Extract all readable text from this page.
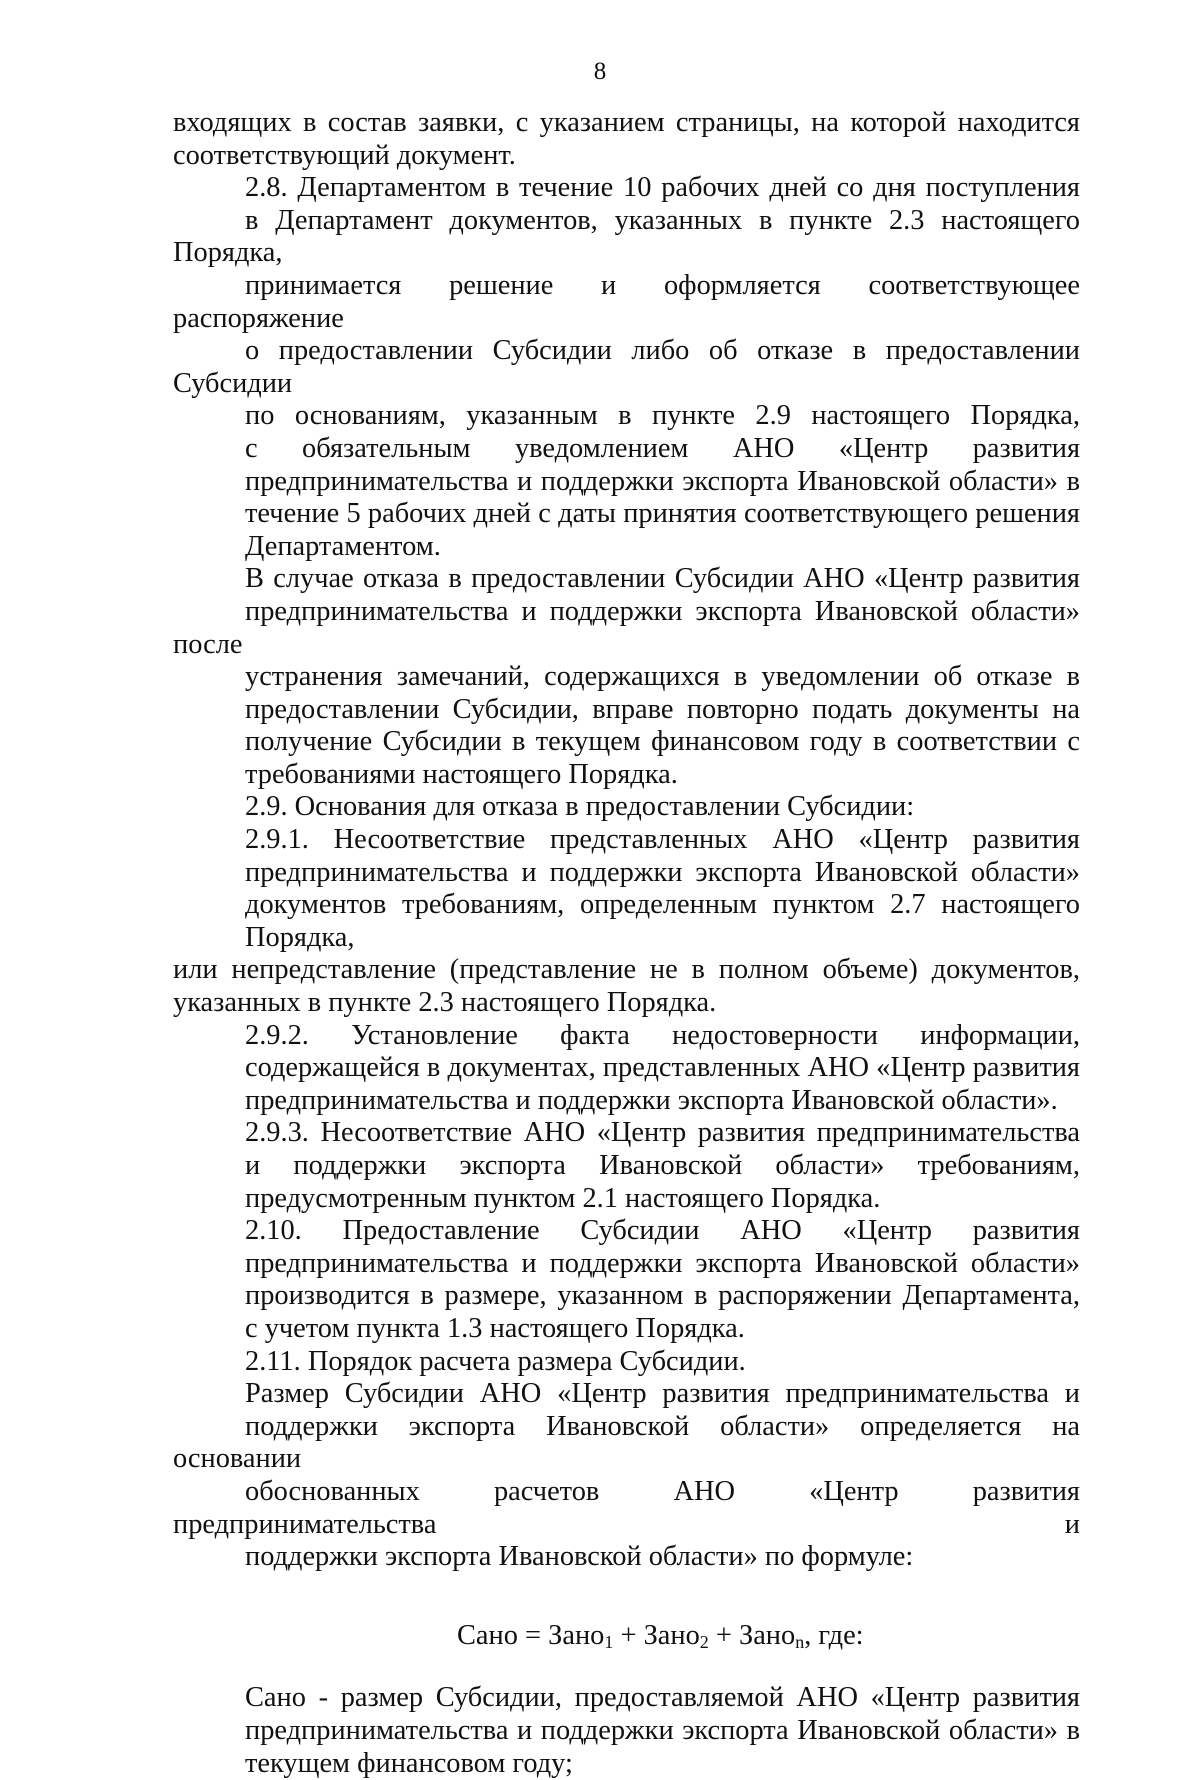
8
входящих в состав заявки, с указанием страницы, на которой находится
соответствующий документ.
2.8. Департаментом в течение 10 рабочих дней со дня поступления
в Департамент документов, указанных в пункте 2.3 настоящего Порядка,
принимается решение и оформляется соответствующее распоряжение
о предоставлении Субсидии либо об отказе в предоставлении Субсидии
по основаниям, указанным в пункте 2.9 настоящего Порядка,
с обязательным уведомлением АНО «Центр развития
предпринимательства и поддержки экспорта Ивановской области» в
течение 5 рабочих дней с даты принятия соответствующего решения
Департаментом.
В случае отказа в предоставлении Субсидии АНО «Центр развития
предпринимательства и поддержки экспорта Ивановской области» после
устранения замечаний, содержащихся в уведомлении об отказе в
предоставлении Субсидии, вправе повторно подать документы на
получение Субсидии в текущем финансовом году в соответствии с
требованиями настоящего Порядка.
2.9. Основания для отказа в предоставлении Субсидии:
2.9.1. Несоответствие представленных АНО «Центр развития
предпринимательства и поддержки экспорта Ивановской области»
документов требованиям, определенным пунктом 2.7 настоящего
Порядка,
или непредставление (представление не в полном объеме) документов,
указанных в пункте 2.3 настоящего Порядка.
2.9.2. Установление факта недостоверности информации,
содержащейся в документах, представленных АНО «Центр развития
предпринимательства и поддержки экспорта Ивановской области».
2.9.3. Несоответствие АНО «Центр развития предпринимательства
и поддержки экспорта Ивановской области» требованиям,
предусмотренным пунктом 2.1 настоящего Порядка.
2.10. Предоставление Субсидии АНО «Центр развития
предпринимательства и поддержки экспорта Ивановской области»
производится в размере, указанном в распоряжении Департамента,
с учетом пункта 1.3 настоящего Порядка.
2.11. Порядок расчета размера Субсидии.
Размер Субсидии АНО «Центр развития предпринимательства и
поддержки экспорта Ивановской области» определяется на основании
обоснованных расчетов АНО «Центр развития предпринимательства и
поддержки экспорта Ивановской области» по формуле:
Сано = Зано$_1$ + Зано$_2$ + Зано$_n$, где:
Сано - размер Субсидии, предоставляемой АНО «Центр развития
предпринимательства и поддержки экспорта Ивановской области» в
текущем финансовом году;
